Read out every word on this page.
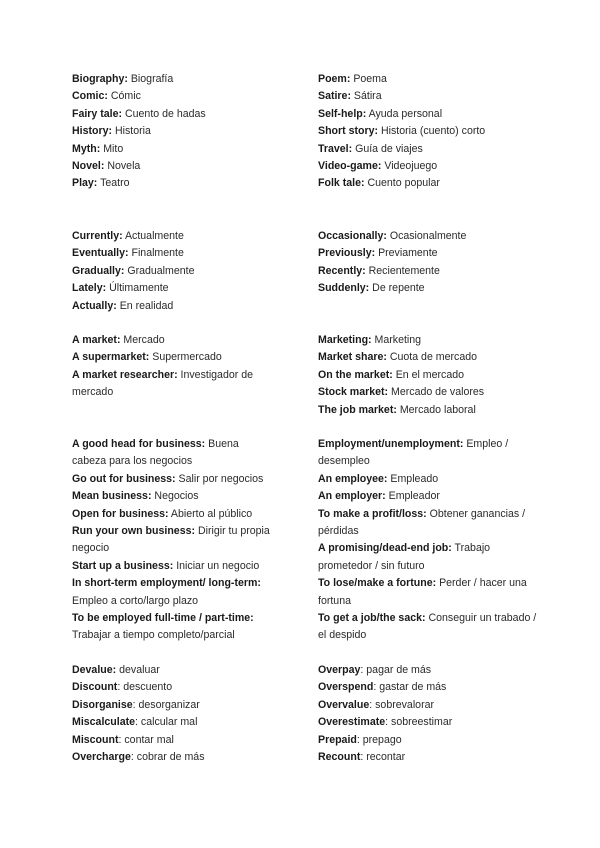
Biography: Biografía

Comic: Cómic

Fairy tale: Cuento de hadas

History: Historia

Myth: Mito

Novel: Novela

Play: Teatro

Poem: Poema

Satire: Sátira

Self-help: Ayuda personal

Short story: Historia (cuento) corto

Travel: Guía de viajes

Video-game: Videojuego

Folk tale: Cuento popular

Currently: Actualmente

Eventually: Finalmente

Gradually: Gradualmente

Lately: Últimamente

Actually: En realidad

Occasionally: Ocasionalmente

Previously: Previamente

Recently: Recientemente

Suddenly: De repente

A market: Mercado

A supermarket: Supermercado

A market researcher: Investigador de mercado

Marketing: Marketing

Market share: Cuota de mercado

On the market: En el mercado

Stock market: Mercado de valores

The job market: Mercado laboral

A good head for business: Buena cabeza para los negocios

Go out for business: Salir por negocios

Mean business: Negocios

Open for business: Abierto al público

Run your own business: Dirigir tu propia negocio

Start up a business: Iniciar un negocio

In short-term employment/ long-term: Empleo a corto/largo plazo

To be employed full-time / part-time: Trabajar a tiempo completo/parcial

Employment/unemployment: Empleo / desempleo

An employee: Empleado

An employer: Empleador

To make a profit/loss: Obtener ganancias / pérdidas

A promising/dead-end job: Trabajo prometedor / sin futuro

To lose/make a fortune: Perder / hacer una fortuna

To get a job/the sack: Conseguir un trabado / el despido

Devalue: devaluar

Discount: descuento

Disorganise: desorganizar

Miscalculate: calcular mal

Miscount: contar mal

Overcharge: cobrar de más

Overpay: pagar de más

Overspend: gastar de más

Overvalue: sobrevalorar

Overestimate: sobreestimar

Prepaid: prepago

Recount: recontar
